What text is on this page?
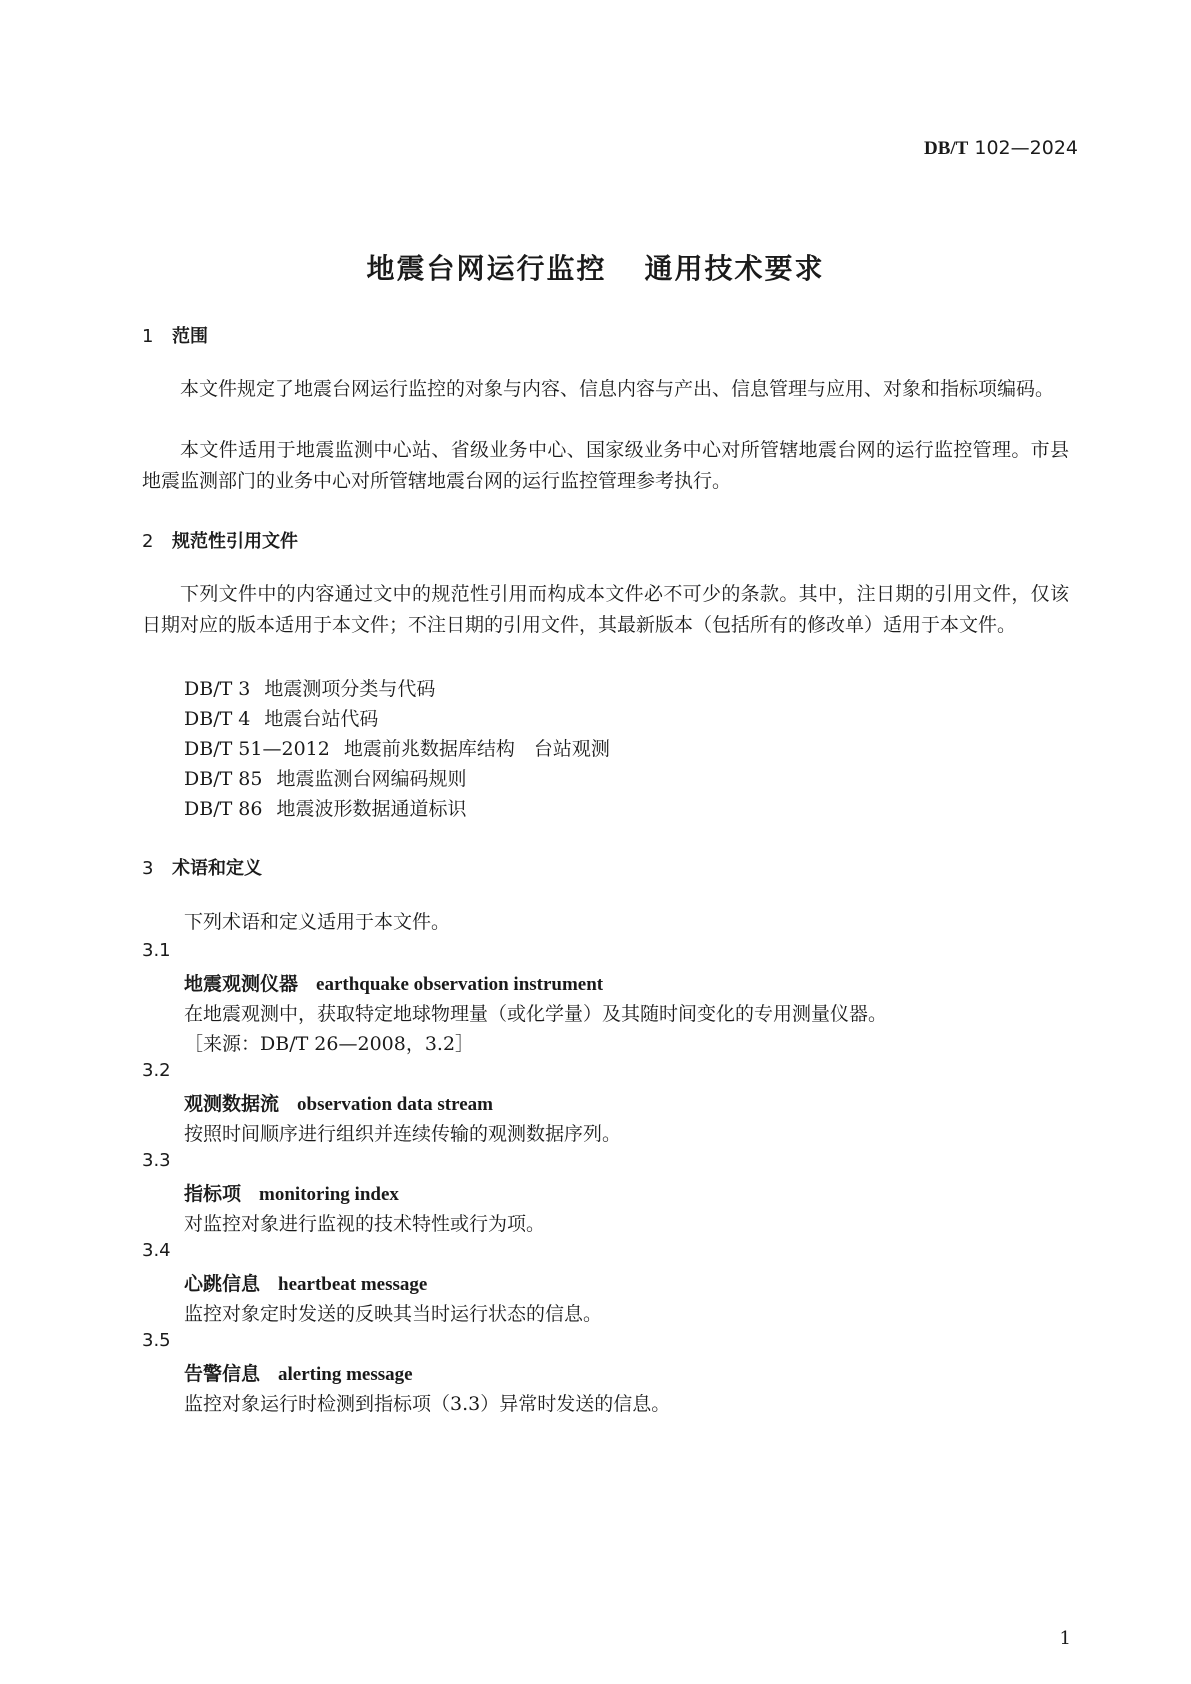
DB/T 102—2024
地震台网运行监控 通用技术要求
1 范围
本文件规定了地震台网运行监控的对象与内容、信息内容与产出、信息管理与应用、对象和指标项编码。
本文件适用于地震监测中心站、省级业务中心、国家级业务中心对所管辖地震台网的运行监控管理。市县地震监测部门的业务中心对所管辖地震台网的运行监控管理参考执行。
2 规范性引用文件
下列文件中的内容通过文中的规范性引用而构成本文件必不可少的条款。其中，注日期的引用文件，仅该日期对应的版本适用于本文件；不注日期的引用文件，其最新版本（包括所有的修改单）适用于本文件。
DB/T 3 地震测项分类与代码
DB/T 4 地震台站代码
DB/T 51—2012 地震前兆数据库结构　台站观测
DB/T 85 地震监测台网编码规则
DB/T 86 地震波形数据通道标识
3 术语和定义
下列术语和定义适用于本文件。
3.1
地震观测仪器 earthquake observation instrument
在地震观测中，获取特定地球物理量（或化学量）及其随时间变化的专用测量仪器。
［来源：DB/T 26—2008，3.2］
3.2
观测数据流 observation data stream
按照时间顺序进行组织并连续传输的观测数据序列。
3.3
指标项 monitoring index
对监控对象进行监视的技术特性或行为项。
3.4
心跳信息 heartbeat message
监控对象定时发送的反映其当时运行状态的信息。
3.5
告警信息 alerting message
监控对象运行时检测到指标项（3.3）异常时发送的信息。
1
